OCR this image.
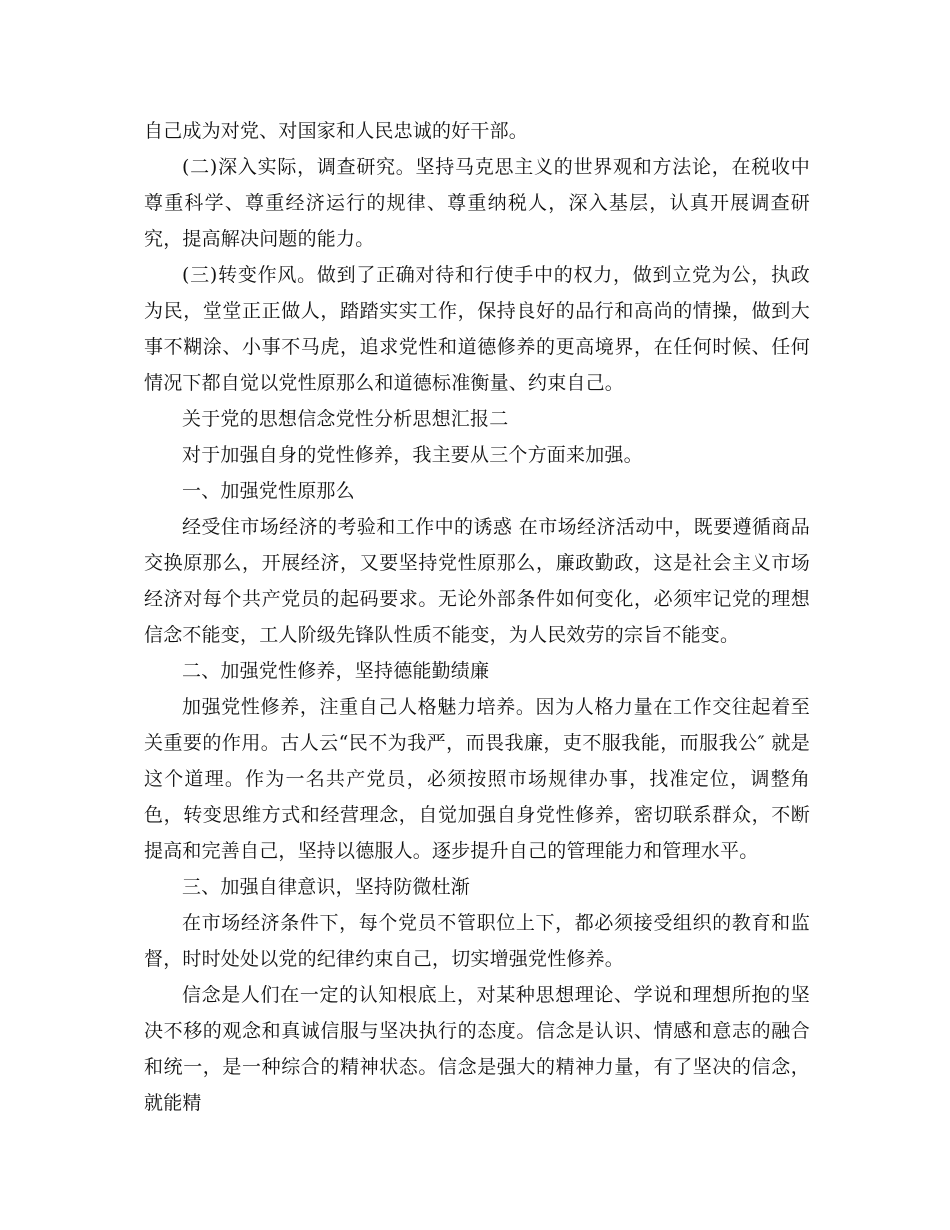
自己成为对党、对国家和人民忠诚的好干部。

(二)深入实际，调查研究。坚持马克思主义的世界观和方法论，在税收中尊重科学、尊重经济运行的规律、尊重纳税人，深入基层，认真开展调查研究，提高解决问题的能力。

(三)转变作风。做到了正确对待和行使手中的权力，做到立党为公，执政为民，堂堂正正做人，踏踏实实工作，保持良好的品行和高尚的情操，做到大事不糊涂、小事不马虎，追求党性和道德修养的更高境界，在任何时候、任何情况下都自觉以党性原那么和道德标准衡量、约束自己。

关于党的思想信念党性分析思想汇报二

对于加强自身的党性修养，我主要从三个方面来加强。

一、加强党性原那么

经受住市场经济的考验和工作中的诱惑 在市场经济活动中，既要遵循商品交换原那么，开展经济，又要坚持党性原那么，廉政勤政，这是社会主义市场经济对每个共产党员的起码要求。无论外部条件如何变化，必须牢记党的理想信念不能变，工人阶级先锋队性质不能变，为人民效劳的宗旨不能变。

二、加强党性修养，坚持德能勤绩廉

加强党性修养，注重自己人格魅力培养。因为人格力量在工作交往起着至关重要的作用。古人云“民不为我严，而畏我廉，吏不服我能，而服我公″ 就是这个道理。作为一名共产党员，必须按照市场规律办事，找准定位，调整角色，转变思维方式和经营理念，自觉加强自身党性修养，密切联系群众，不断提高和完善自己，坚持以德服人。逐步提升自己的管理能力和管理水平。

三、加强自律意识，坚持防微杜渐

在市场经济条件下，每个党员不管职位上下，都必须接受组织的教育和监督，时时处处以党的纪律约束自己，切实增强党性修养。

信念是人们在一定的认知根底上，对某种思想理论、学说和理想所抱的坚决不移的观念和真诚信服与坚决执行的态度。信念是认识、情感和意志的融合和统一，是一种综合的精神状态。信念是强大的精神力量，有了坚决的信念，就能精
